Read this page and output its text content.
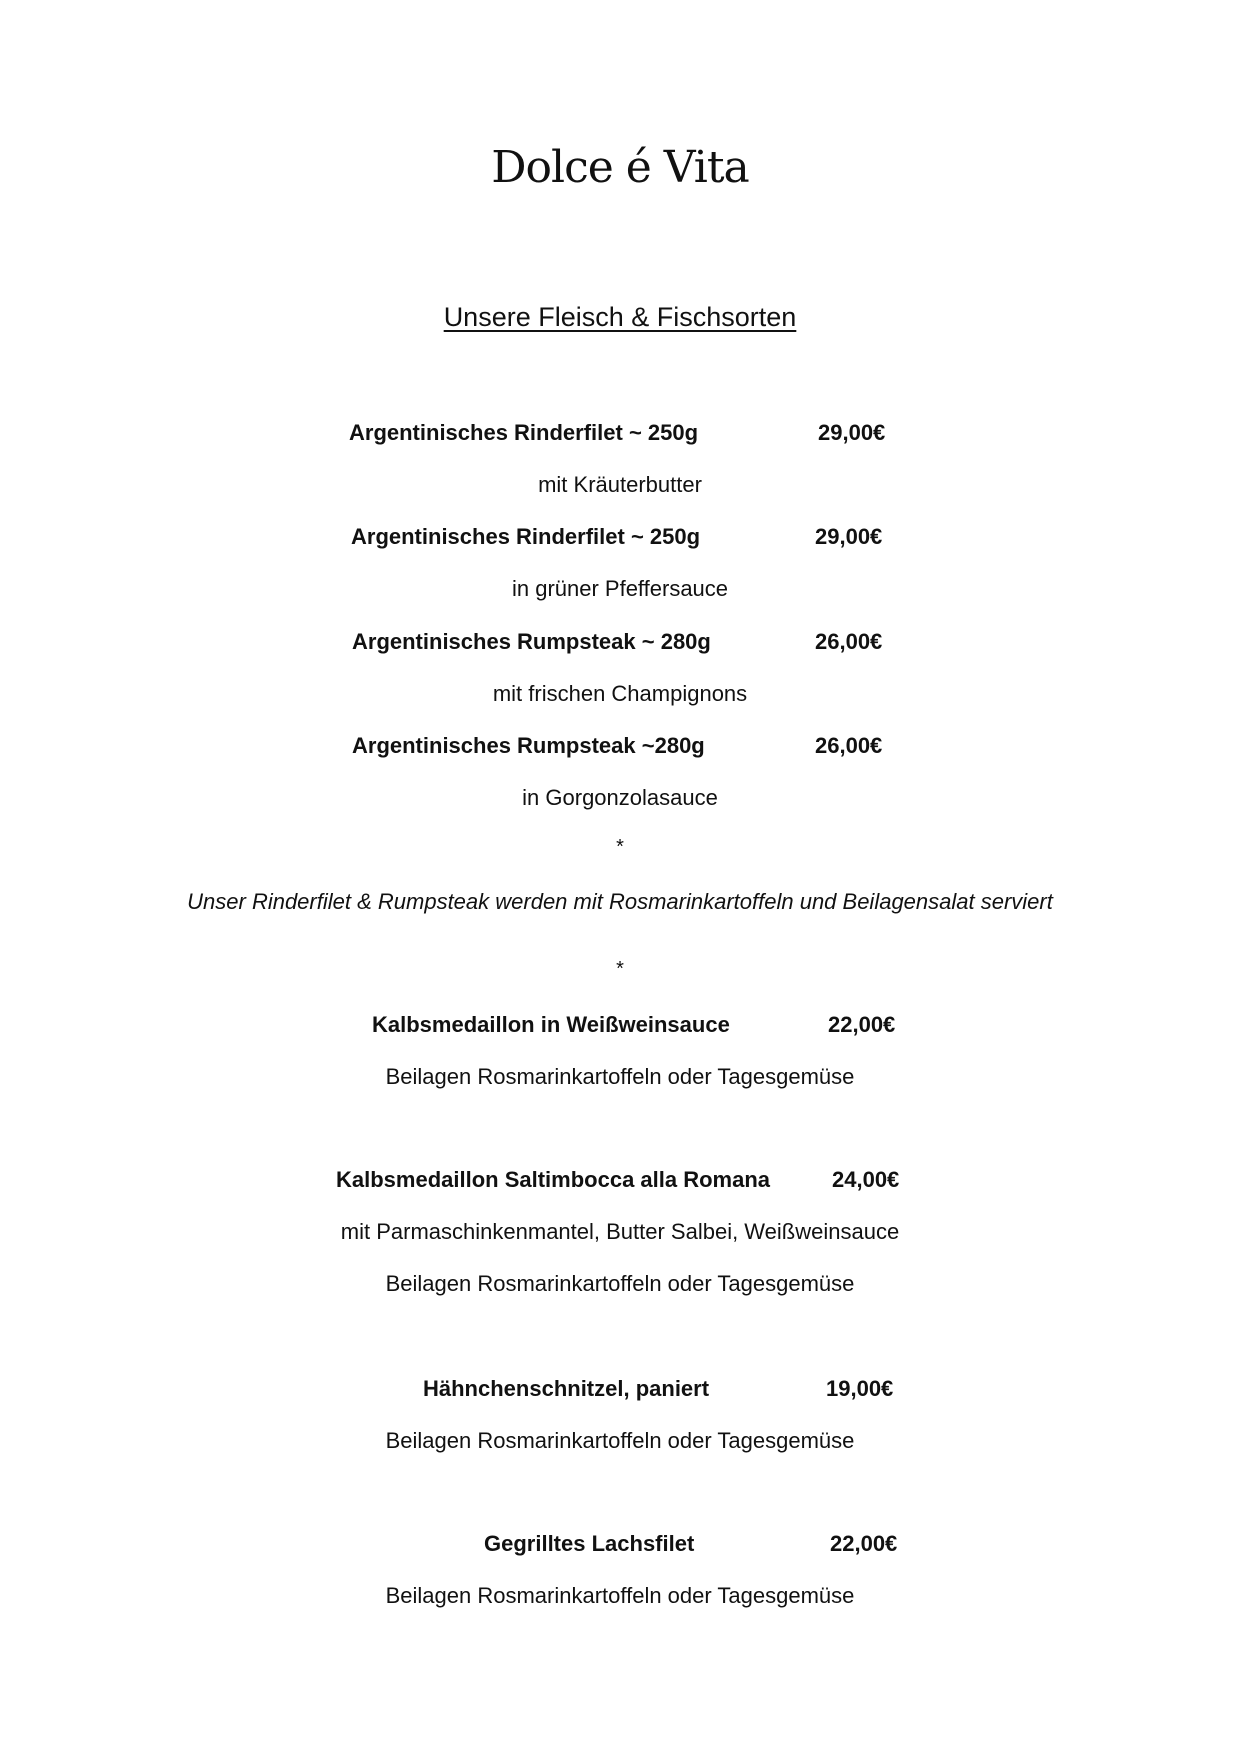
Dolce é Vita
Unsere Fleisch & Fischsorten
Argentinisches Rinderfilet ~ 250g	29,00€
mit Kräuterbutter
Argentinisches Rinderfilet ~ 250g	29,00€
in grüner Pfeffersauce
Argentinisches Rumpsteak ~ 280g	26,00€
mit frischen Champignons
Argentinisches Rumpsteak ~280g	26,00€
in Gorgonzolasauce
*
Unser Rinderfilet & Rumpsteak werden mit Rosmarinkartoffeln und Beilagensalat serviert
*
Kalbsmedaillon in Weißweinsauce	22,00€
Beilagen Rosmarinkartoffeln oder Tagesgemüse
Kalbsmedaillon Saltimbocca alla Romana	24,00€
mit Parmaschinkenmantel, Butter Salbei, Weißweinsauce
Beilagen Rosmarinkartoffeln oder Tagesgemüse
Hähnchenschnitzel, paniert	19,00€
Beilagen Rosmarinkartoffeln oder Tagesgemüse
Gegrilltes Lachsfilet	22,00€
Beilagen Rosmarinkartoffeln oder Tagesgemüse
